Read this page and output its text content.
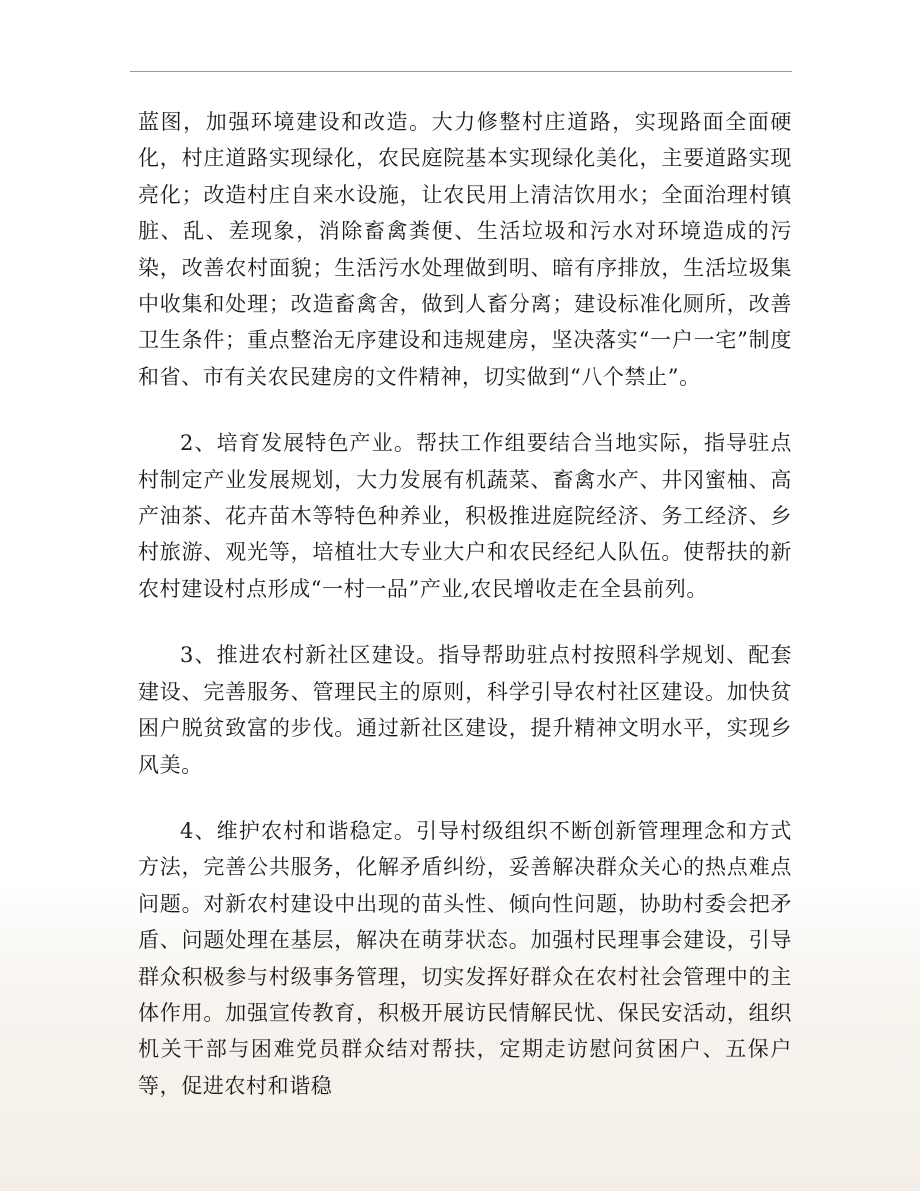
蓝图，加强环境建设和改造。大力修整村庄道路，实现路面全面硬化，村庄道路实现绿化，农民庭院基本实现绿化美化，主要道路实现亮化；改造村庄自来水设施，让农民用上清洁饮用水；全面治理村镇脏、乱、差现象，消除畜禽粪便、生活垃圾和污水对环境造成的污染，改善农村面貌；生活污水处理做到明、暗有序排放，生活垃圾集中收集和处理；改造畜禽舍，做到人畜分离；建设标准化厕所，改善卫生条件；重点整治无序建设和违规建房，坚决落实“一户一宅”制度和省、市有关农民建房的文件精神，切实做到“八个禁止”。

2、培育发展特色产业。帮扶工作组要结合当地实际，指导驻点村制定产业发展规划，大力发展有机蔬菜、畜禽水产、井冈蜜柚、高产油茶、花卉苗木等特色种养业，积极推进庭院经济、务工经济、乡村旅游、观光等，培植壮大专业大户和农民经纪人队伍。使帮扶的新农村建设村点形成“一村一品”产业,农民增收走在全县前列。

3、推进农村新社区建设。指导帮助驻点村按照科学规划、配套建设、完善服务、管理民主的原则，科学引导农村社区建设。加快贫困户脱贫致富的步伐。通过新社区建设，提升精神文明水平，实现乡风美。

4、维护农村和谐稳定。引导村级组织不断创新管理理念和方式方法，完善公共服务，化解矛盾纠纷，妥善解决群众关心的热点难点问题。对新农村建设中出现的苗头性、倾向性问题，协助村委会把矛盾、问题处理在基层，解决在萌芽状态。加强村民理事会建设，引导群众积极参与村级事务管理，切实发挥好群众在农村社会管理中的主体作用。加强宣传教育，积极开展访民情解民忧、保民安活动，组织机关干部与困难党员群众结对帮扶，定期走访慰问贫困户、五保户等，促进农村和谐稳
